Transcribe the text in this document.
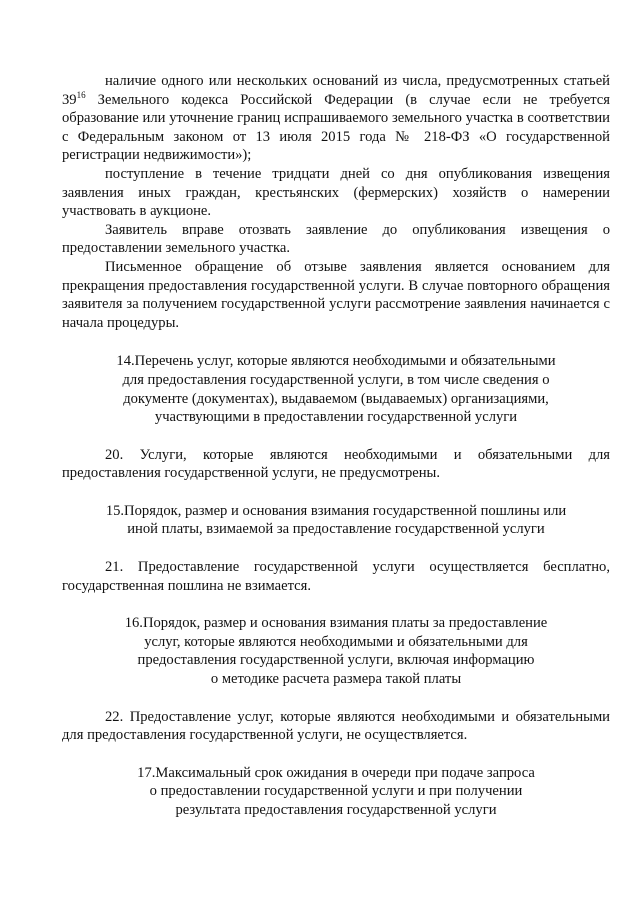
наличие одного или нескольких оснований из числа, предусмотренных статьей $39^{16}$ Земельного кодекса Российской Федерации (в случае если не требуется образование или уточнение границ испрашиваемого земельного участка в соответствии с Федеральным законом от 13 июля 2015 года № 218-ФЗ «О государственной регистрации недвижимости»);

поступление в течение тридцати дней со дня опубликования извещения заявления иных граждан, крестьянских (фермерских) хозяйств о намерении участвовать в аукционе.

Заявитель вправе отозвать заявление до опубликования извещения о предоставлении земельного участка.

Письменное обращение об отзыве заявления является основанием для прекращения предоставления государственной услуги. В случае повторного обращения заявителя за получением государственной услуги рассмотрение заявления начинается с начала процедуры.

14.Перечень услуг, которые являются необходимыми и обязательными
для предоставления государственной услуги, в том числе сведения о
документе (документах), выдаваемом (выдаваемых) организациями,
участвующими в предоставлении государственной услуги

20. Услуги, которые являются необходимыми и обязательными для предоставления государственной услуги, не предусмотрены.

15.Порядок, размер и основания взимания государственной пошлины или
иной платы, взимаемой за предоставление государственной услуги

21. Предоставление государственной услуги осуществляется бесплатно, государственная пошлина не взимается.

16.Порядок, размер и основания взимания платы за предоставление
услуг, которые являются необходимыми и обязательными для
предоставления государственной услуги, включая информацию
о методике расчета размера такой платы

22. Предоставление услуг, которые являются необходимыми и обязательными для предоставления государственной услуги, не осуществляется.

17.Максимальный срок ожидания в очереди при подаче запроса
о предоставлении государственной услуги и при получении
результата предоставления государственной услуги
